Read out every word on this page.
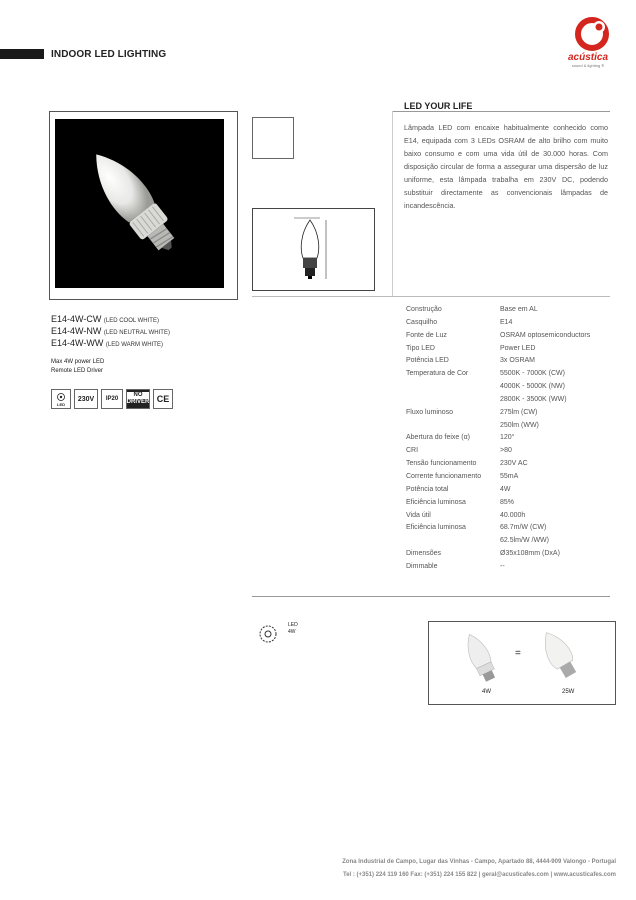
INDOOR LED LIGHTING	acústica
sound & lighting ®
LED YOUR LIFE
Lâmpada LED com encaixe habitualmente conhecido como E14, equipada com 3 LEDs OSRAM de alto brilho com muito baixo consumo e com uma vida útil de 30.000 horas. Com disposição circular de forma a assegurar uma dispersão de luz uniforme, esta lâmpada trabalha em 230V DC, podendo substituir directamente as convencionais lâmpadas de incandescência.
E14-4W-CW (LED COOL WHITE)
E14-4W-NW (LED NEUTRAL WHITE)
E14-4W-WW (LED WARM WHITE)
Max 4W power LED
Remote LED Driver
LED
230V	IP20
NO
DRIVER CE
Construção	Base em AL
Casquilho	E14
Fonte de Luz	OSRAM optosemiconductors
Tipo LED	Power LED
Potência LED	3x OSRAM
Temperatura de Cor	5500K - 7000K (CW)
4000K - 5000K (NW)
2800K - 3500K (WW)
Fluxo luminoso	275lm (CW)
250lm (WW)
Abertura do feixe (α)	120°
CRI	>80
Tensão funcionamento	230V AC
Corrente funcionamento	55mA
Potência total	4W
Eficiência luminosa	85%
Vida útil	40.000h
Eficiência luminosa	68.7m/W (CW)
62.5lm/W /WW)
Dimensões	Ø35x108mm (DxA)
Dimmable	--
LED
4W
=
4W	25W
Zona Industrial de Campo, Lugar das Vinhas - Campo, Apartado 88, 4444-909 Valongo - Portugal
Tel : (+351) 224 119 160 Fax: (+351) 224 155 822 | geral@acusticafes.com | www.acusticafes.com
